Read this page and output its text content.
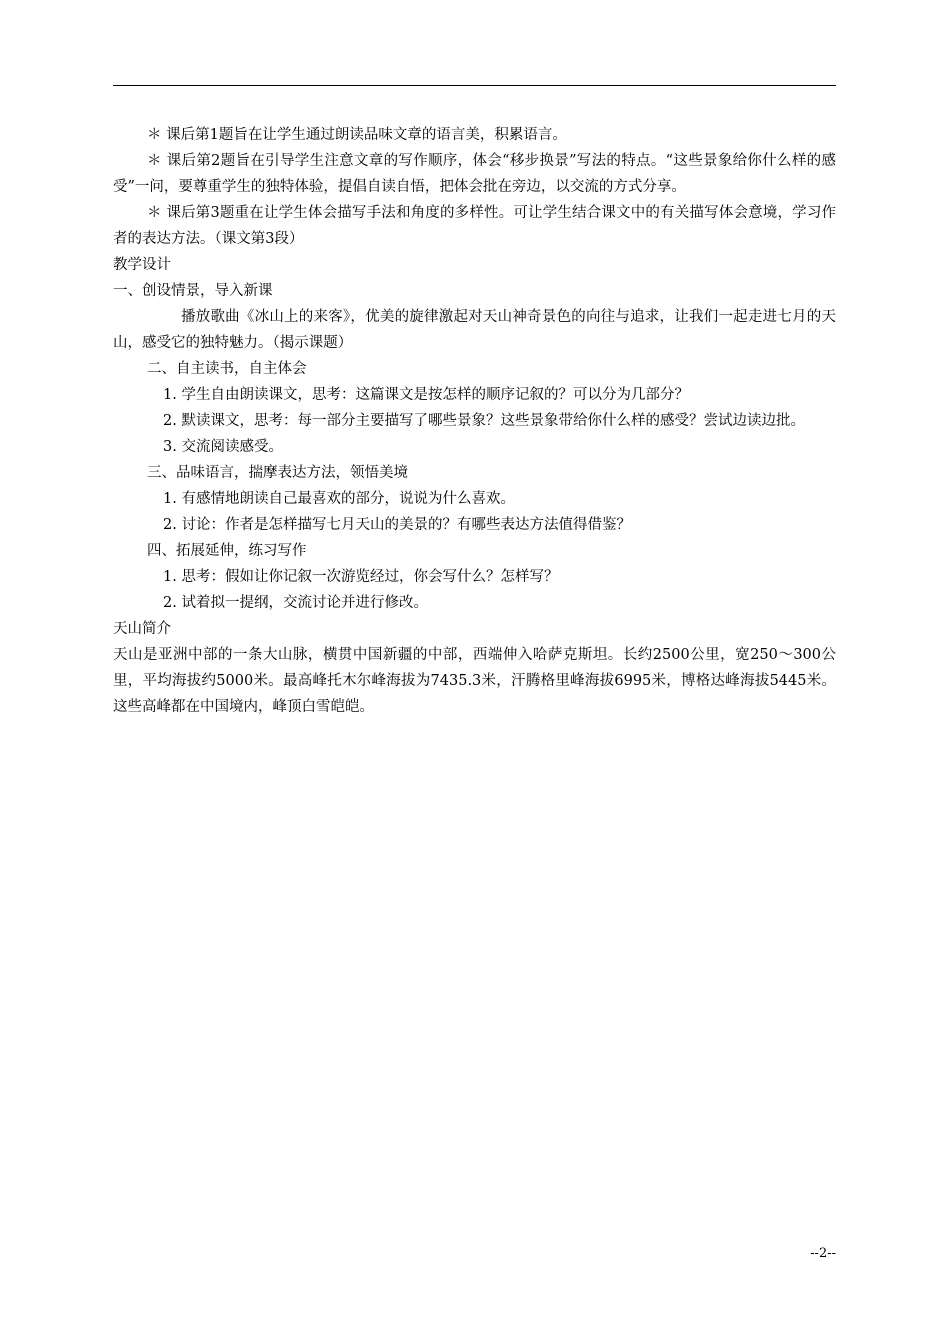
＊ 课后第1题旨在让学生通过朗读品味文章的语言美，积累语言。

＊ 课后第2题旨在引导学生注意文章的写作顺序，体会“移步换景”写法的特点。“这些景象给你什么样的感受”一问，要尊重学生的独特体验，提倡自读自悟，把体会批在旁边，以交流的方式分享。

＊ 课后第3题重在让学生体会描写手法和角度的多样性。可让学生结合课文中的有关描写体会意境，学习作者的表达方法。（课文第3段）

教学设计

一、创设情景，导入新课

播放歌曲《冰山上的来客》，优美的旋律激起对天山神奇景色的向往与追求，让我们一起走进七月的天山，感受它的独特魅力。（揭示课题）

二、自主读书，自主体会

1. 学生自由朗读课文，思考：这篇课文是按怎样的顺序记叙的？可以分为几部分？

2. 默读课文，思考：每一部分主要描写了哪些景象？这些景象带给你什么样的感受？尝试边读边批。

3. 交流阅读感受。

三、品味语言，揣摩表达方法，领悟美境

1. 有感情地朗读自己最喜欢的部分，说说为什么喜欢。

2. 讨论：作者是怎样描写七月天山的美景的？有哪些表达方法值得借鉴？

四、拓展延伸，练习写作

1. 思考：假如让你记叙一次游览经过，你会写什么？怎样写？

2. 试着拟一提纲，交流讨论并进行修改。

天山简介

天山是亚洲中部的一条大山脉，横贯中国新疆的中部，西端伸入哈萨克斯坦。长约2500公里，宽250～300公里，平均海拔约5000米。最高峰托木尔峰海拔为7435.3米，汗腾格里峰海拔6995米，博格达峰海拔5445米。这些高峰都在中国境内，峰顶白雪皑皑。

--2--
